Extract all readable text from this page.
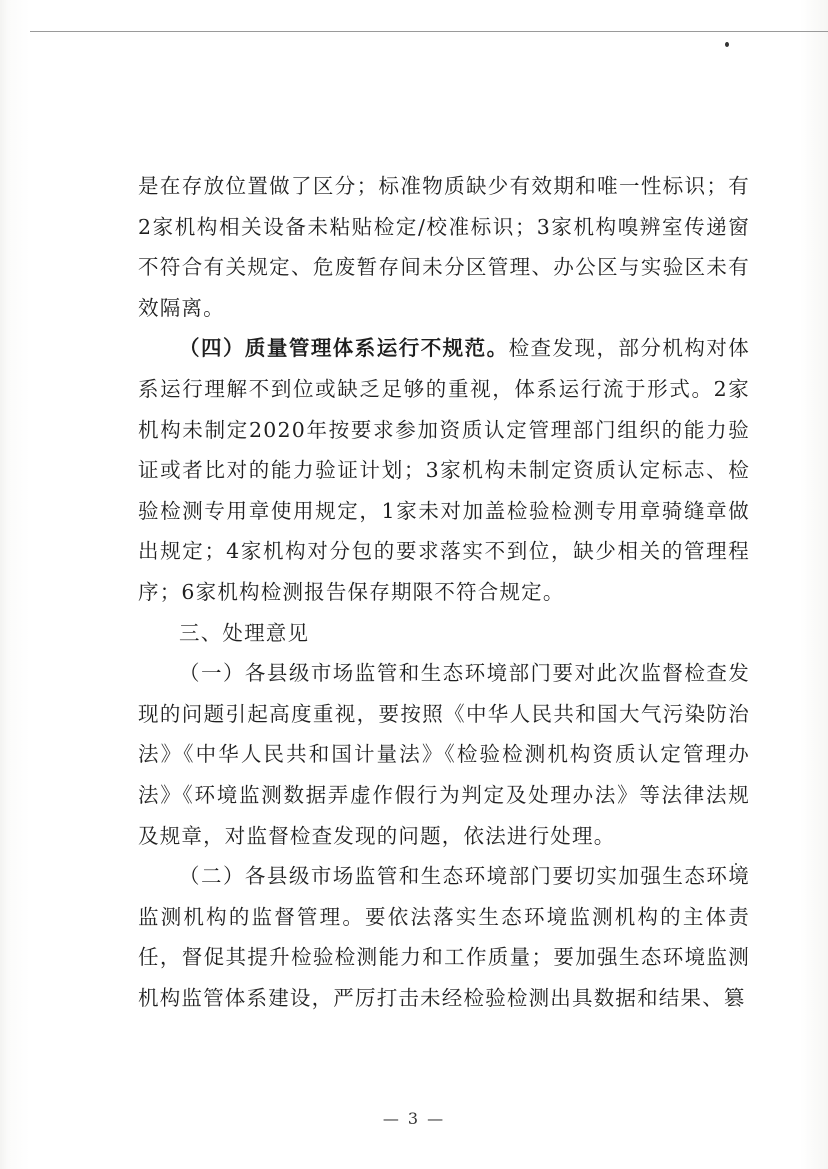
是在存放位置做了区分；标准物质缺少有效期和唯一性标识；有2家机构相关设备未粘贴检定/校准标识；3家机构嗅辨室传递窗不符合有关规定、危废暂存间未分区管理、办公区与实验区未有效隔离。

（四）质量管理体系运行不规范。检查发现，部分机构对体系运行理解不到位或缺乏足够的重视，体系运行流于形式。2家机构未制定2020年按要求参加资质认定管理部门组织的能力验证或者比对的能力验证计划；3家机构未制定资质认定标志、检验检测专用章使用规定，1家未对加盖检验检测专用章骑缝章做出规定；4家机构对分包的要求落实不到位，缺少相关的管理程序；6家机构检测报告保存期限不符合规定。

三、处理意见

（一）各县级市场监管和生态环境部门要对此次监督检查发现的问题引起高度重视，要按照《中华人民共和国大气污染防治法》《中华人民共和国计量法》《检验检测机构资质认定管理办法》《环境监测数据弄虚作假行为判定及处理办法》等法律法规及规章，对监督检查发现的问题，依法进行处理。

（二）各县级市场监管和生态环境部门要切实加强生态环境监测机构的监督管理。要依法落实生态环境监测机构的主体责任，督促其提升检验检测能力和工作质量；要加强生态环境监测机构监管体系建设，严厉打击未经检验检测出具数据和结果、篡

— 3 —
